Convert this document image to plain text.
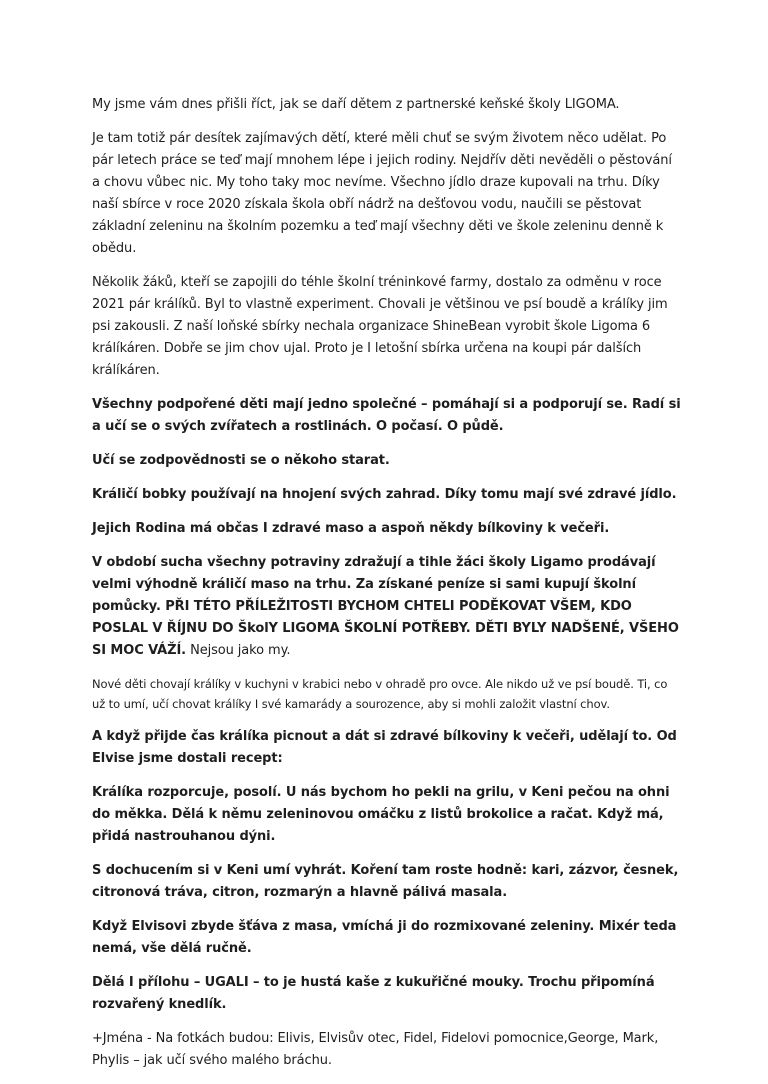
My jsme vám dnes přišli říct, jak se daří dětem z partnerské keňské školy LIGOMA.

Je tam totiž pár desítek zajímavých dětí, které měli chuť se svým životem něco udělat. Po pár letech práce se teď mají mnohem lépe i jejich rodiny. Nejdřív děti nevěděli o pěstování a chovu vůbec nic. My toho taky moc nevíme. Všechno jídlo draze kupovali na trhu. Díky naší sbírce v roce 2020 získala škola obří nádrž na dešťovou vodu, naučili se pěstovat základní zeleninu na školním pozemku a teď mají všechny děti ve škole zeleninu denně k obědu.

Několik žáků, kteří se zapojili do téhle školní tréninkové farmy, dostalo za odměnu v roce 2021 pár králíků. Byl to vlastně experiment. Chovali je většinou ve psí boudě a králíky jim psi zakousli. Z naší loňské sbírky nechala organizace ShineBean vyrobit škole Ligoma 6 králíkáren. Dobře se jim chov ujal. Proto je I letošní sbírka určena na koupi pár dalších králíkáren.

Všechny podpořené děti mají jedno společné – pomáhají si a podporují se. Radí si a učí se o svých zvířatech a rostlinách. O počasí. O půdě.

Učí se zodpovědnosti se o někoho starat.

Králičí bobky používají na hnojení svých zahrad. Díky tomu mají své zdravé jídlo.

Jejich Rodina má občas I zdravé maso a aspoň někdy bílkoviny k večeři.

V období sucha všechny potraviny zdražují a tihle žáci školy Ligamo prodávají velmi výhodně králičí maso na trhu. Za získané peníze si sami kupují školní pomůcky. PŘI TÉTO PŘÍLEŽITOSTI BYCHOM CHTELI PODĚKOVAT VŠEM, KDO POSLAL V ŘÍJNU DO ŠkolY LIGOMA ŠKOLNÍ POTŘEBY. DĚTI BYLY NADŠENÉ, VŠEHO SI MOC VÁŽÍ. Nejsou jako my.

Nové děti chovají králíky v kuchyni v krabici nebo v ohradě pro ovce. Ale nikdo už ve psí boudě. Ti, co už to umí, učí chovat králíky I své kamarády a sourozence, aby si mohli založit vlastní chov.

A když přijde čas králíka picnout a dát si zdravé bílkoviny k večeři, udělají to. Od Elvise jsme dostali recept:

Králíka rozporcuje, posolí. U nás bychom ho pekli na grilu, v Keni pečou na ohni do měkka. Dělá k němu zeleninovou omáčku z listů brokolice a račat. Když má, přidá nastrouhanou dýni.

S dochucením si v Keni umí vyhrát. Koření tam roste hodně: kari, zázvor, česnek, citronová tráva, citron, rozmarýn a hlavně pálivá masala.

Když Elvisovi zbyde šťáva z masa, vmíchá ji do rozmixované zeleniny. Mixér teda nemá, vše dělá ručně.

Dělá I přílohu – UGALI – to je hustá kaše z kukuřičné mouky. Trochu připomíná rozvařený knedlík.

+Jména - Na fotkách budou: Elivis, Elvisův otec, Fidel, Fidelovi pomocnice,George, Mark, Phylis – jak učí svého malého bráchu.
